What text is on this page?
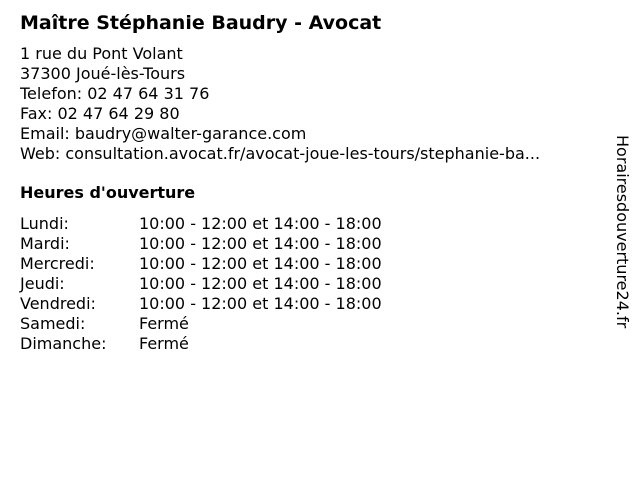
Maître Stéphanie Baudry - Avocat
1 rue du Pont Volant
37300 Joué-lès-Tours
Telefon: 02 47 64 31 76
Fax: 02 47 64 29 80
Email: baudry@walter-garance.com
Web: consultation.avocat.fr/avocat-joue-les-tours/stephanie-ba...
Heures d'ouverture
Lundi:	10:00 - 12:00 et 14:00 - 18:00
Mardi:	10:00 - 12:00 et 14:00 - 18:00
Mercredi:	10:00 - 12:00 et 14:00 - 18:00
Jeudi:	10:00 - 12:00 et 14:00 - 18:00
Vendredi:	10:00 - 12:00 et 14:00 - 18:00
Samedi:	Fermé
Dimanche: Fermé
Horairesdouverture24.fr
